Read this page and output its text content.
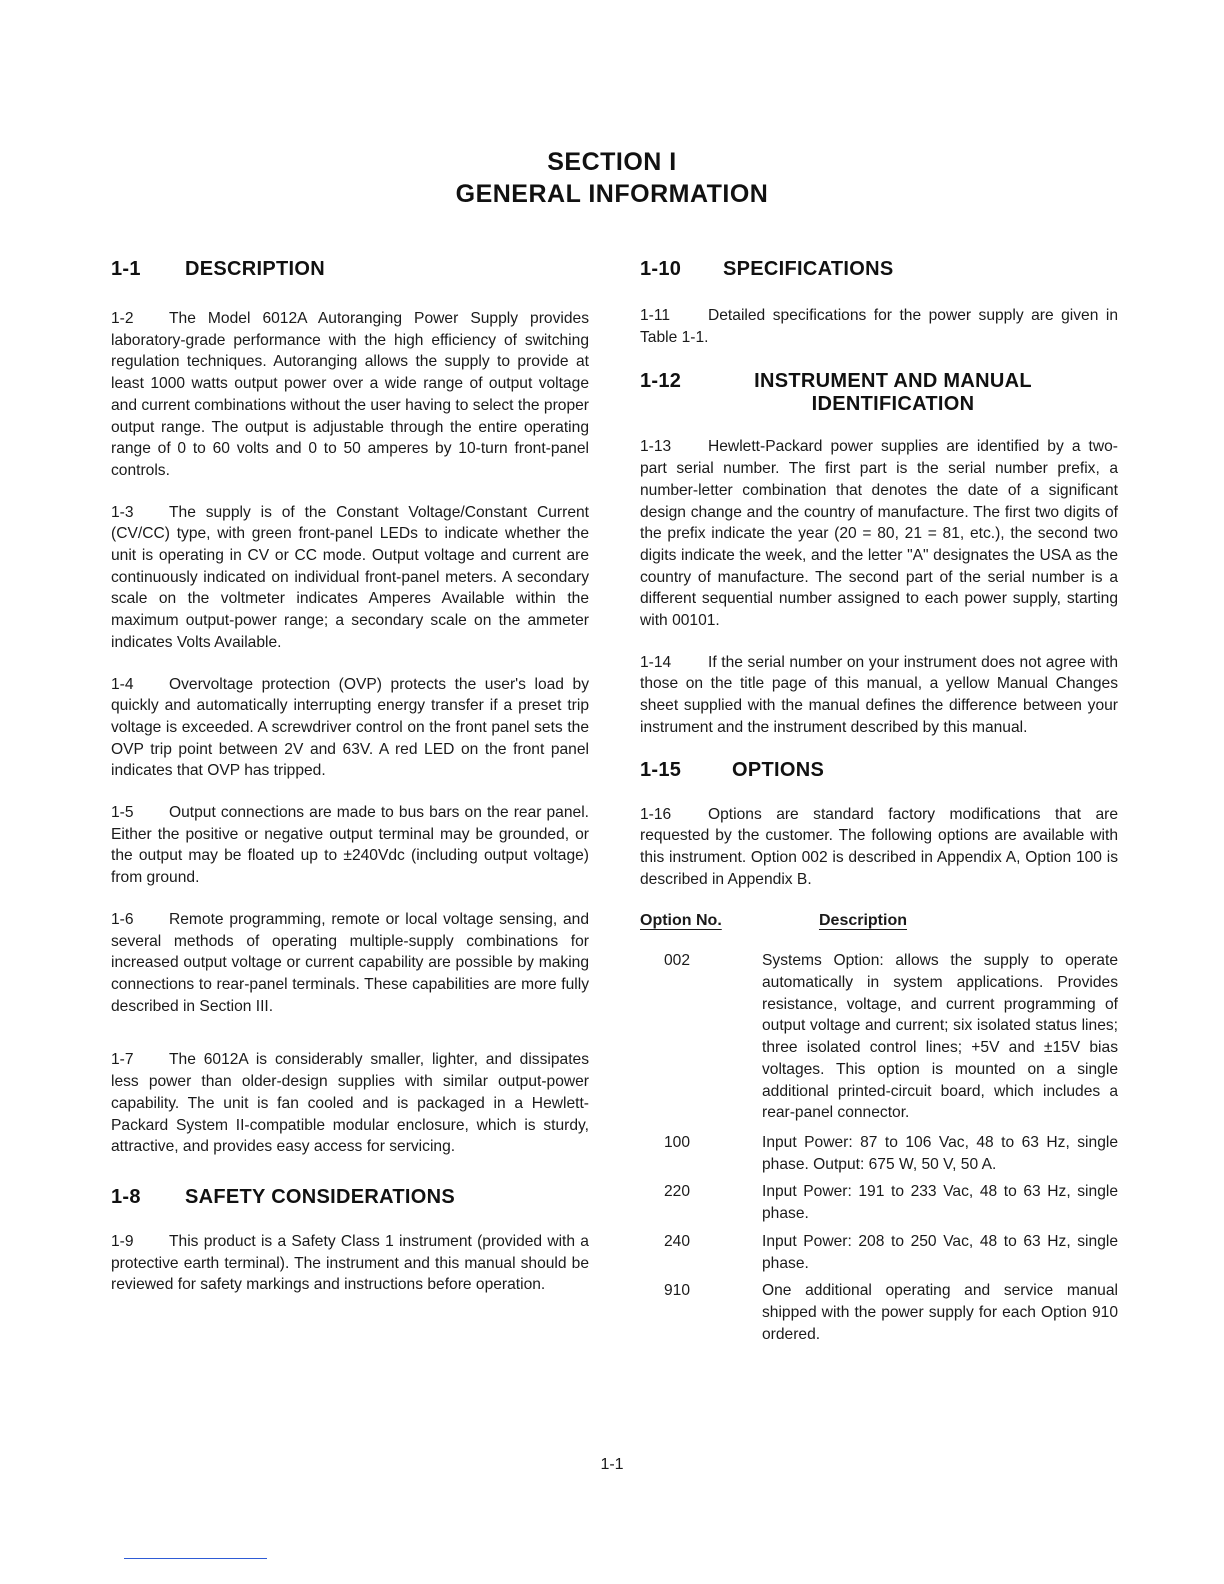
SECTION I
GENERAL INFORMATION
1-1	DESCRIPTION

1-2 The Model 6012A Autoranging Power Supply provides laboratory-grade performance with the high efficiency of switching regulation techniques. Autoranging allows the supply to provide at least 1000 watts output power over a wide range of output voltage and current combinations without the user having to select the proper output range. The output is adjustable through the entire operating range of 0 to 60 volts and 0 to 50 amperes by 10-turn front-panel controls.

1-3 The supply is of the Constant Voltage/Constant Current (CV/CC) type, with green front-panel LEDs to indicate whether the unit is operating in CV or CC mode. Output voltage and current are continuously indicated on individual front-panel meters. A secondary scale on the voltmeter indicates Amperes Available within the maximum output-power range; a secondary scale on the ammeter indicates Volts Available.

1-4 Overvoltage protection (OVP) protects the user's load by quickly and automatically interrupting energy transfer if a preset trip voltage is exceeded. A screwdriver control on the front panel sets the OVP trip point between 2V and 63V. A red LED on the front panel indicates that OVP has tripped.

1-5 Output connections are made to bus bars on the rear panel. Either the positive or negative output terminal may be grounded, or the output may be floated up to ±240Vdc (including output voltage) from ground.

1-6 Remote programming, remote or local voltage sensing, and several methods of operating multiple-supply combinations for increased output voltage or current capability are possible by making connections to rear-panel terminals. These capabilities are more fully described in Section III.

1-7 The 6012A is considerably smaller, lighter, and dissipates less power than older-design supplies with similar output-power capability. The unit is fan cooled and is packaged in a Hewlett-Packard System II-compatible modular enclosure, which is sturdy, attractive, and provides easy access for servicing.

1-8	SAFETY CONSIDERATIONS

1-9 This product is a Safety Class 1 instrument (provided with a protective earth terminal). The instrument and this manual should be reviewed for safety markings and instructions before operation.

1-10	SPECIFICATIONS

1-11 Detailed specifications for the power supply are given in Table 1-1.

1-12	INSTRUMENT AND MANUAL IDENTIFICATION

1-13 Hewlett-Packard power supplies are identified by a two-part serial number. The first part is the serial number prefix, a number-letter combination that denotes the date of a significant design change and the country of manufacture. The first two digits of the prefix indicate the year (20 = 80, 21 = 81, etc.), the second two digits indicate the week, and the letter "A" designates the USA as the country of manufacture. The second part of the serial number is a different sequential number assigned to each power supply, starting with 00101.

1-14 If the serial number on your instrument does not agree with those on the title page of this manual, a yellow Manual Changes sheet supplied with the manual defines the difference between your instrument and the instrument described by this manual.

1-15	OPTIONS

1-16 Options are standard factory modifications that are requested by the customer. The following options are available with this instrument. Option 002 is described in Appendix A, Option 100 is described in Appendix B.

Option No.	Description
002	Systems Option: allows the supply to operate automatically in system applications. Provides resistance, voltage, and current programming of output voltage and current; six isolated status lines; three isolated control lines; +5V and ±15V bias voltages. This option is mounted on a single additional printed-circuit board, which includes a rear-panel connector.
100	Input Power: 87 to 106 Vac, 48 to 63 Hz, single phase. Output: 675 W, 50 V, 50 A.
220	Input Power: 191 to 233 Vac, 48 to 63 Hz, single phase.
240	Input Power: 208 to 250 Vac, 48 to 63 Hz, single phase.
910	One additional operating and service manual shipped with the power supply for each Option 910 ordered.
1-1
